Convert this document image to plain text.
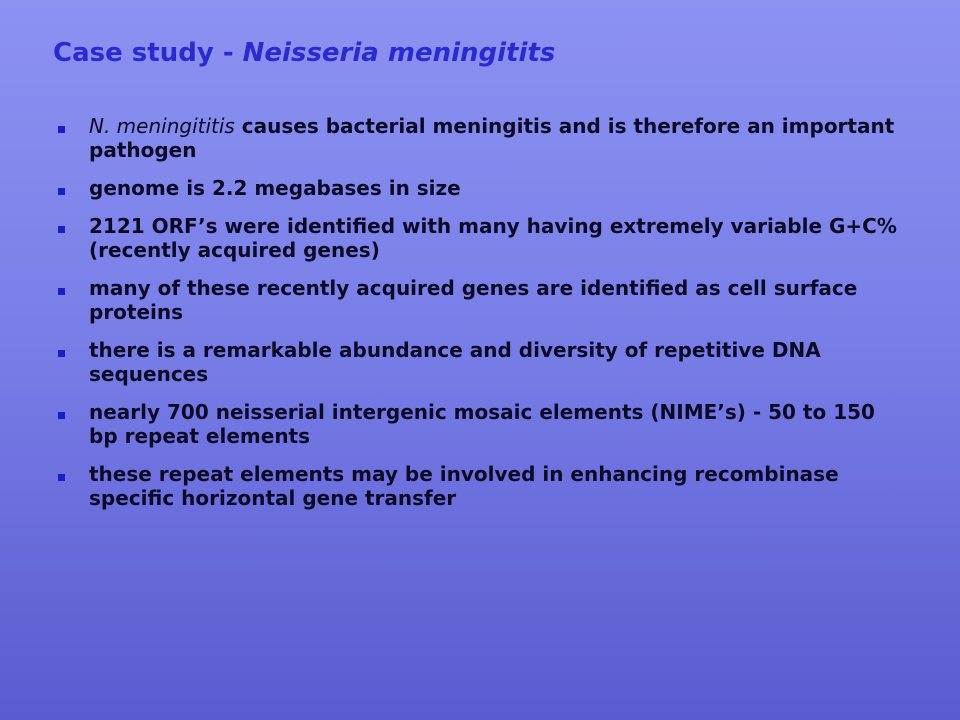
Case study - Neisseria meningitits
N. meningititis causes bacterial meningitis and is therefore an important pathogen
genome is 2.2 megabases in size
2121 ORF’s were identified with many having extremely variable G+C% (recently acquired genes)
many of these recently acquired genes are identified as cell surface proteins
there is a remarkable abundance and diversity of repetitive DNA sequences
nearly 700 neisserial intergenic mosaic elements (NIME’s) - 50 to 150 bp repeat elements
these repeat elements may be involved in enhancing recombinase specific horizontal gene transfer
